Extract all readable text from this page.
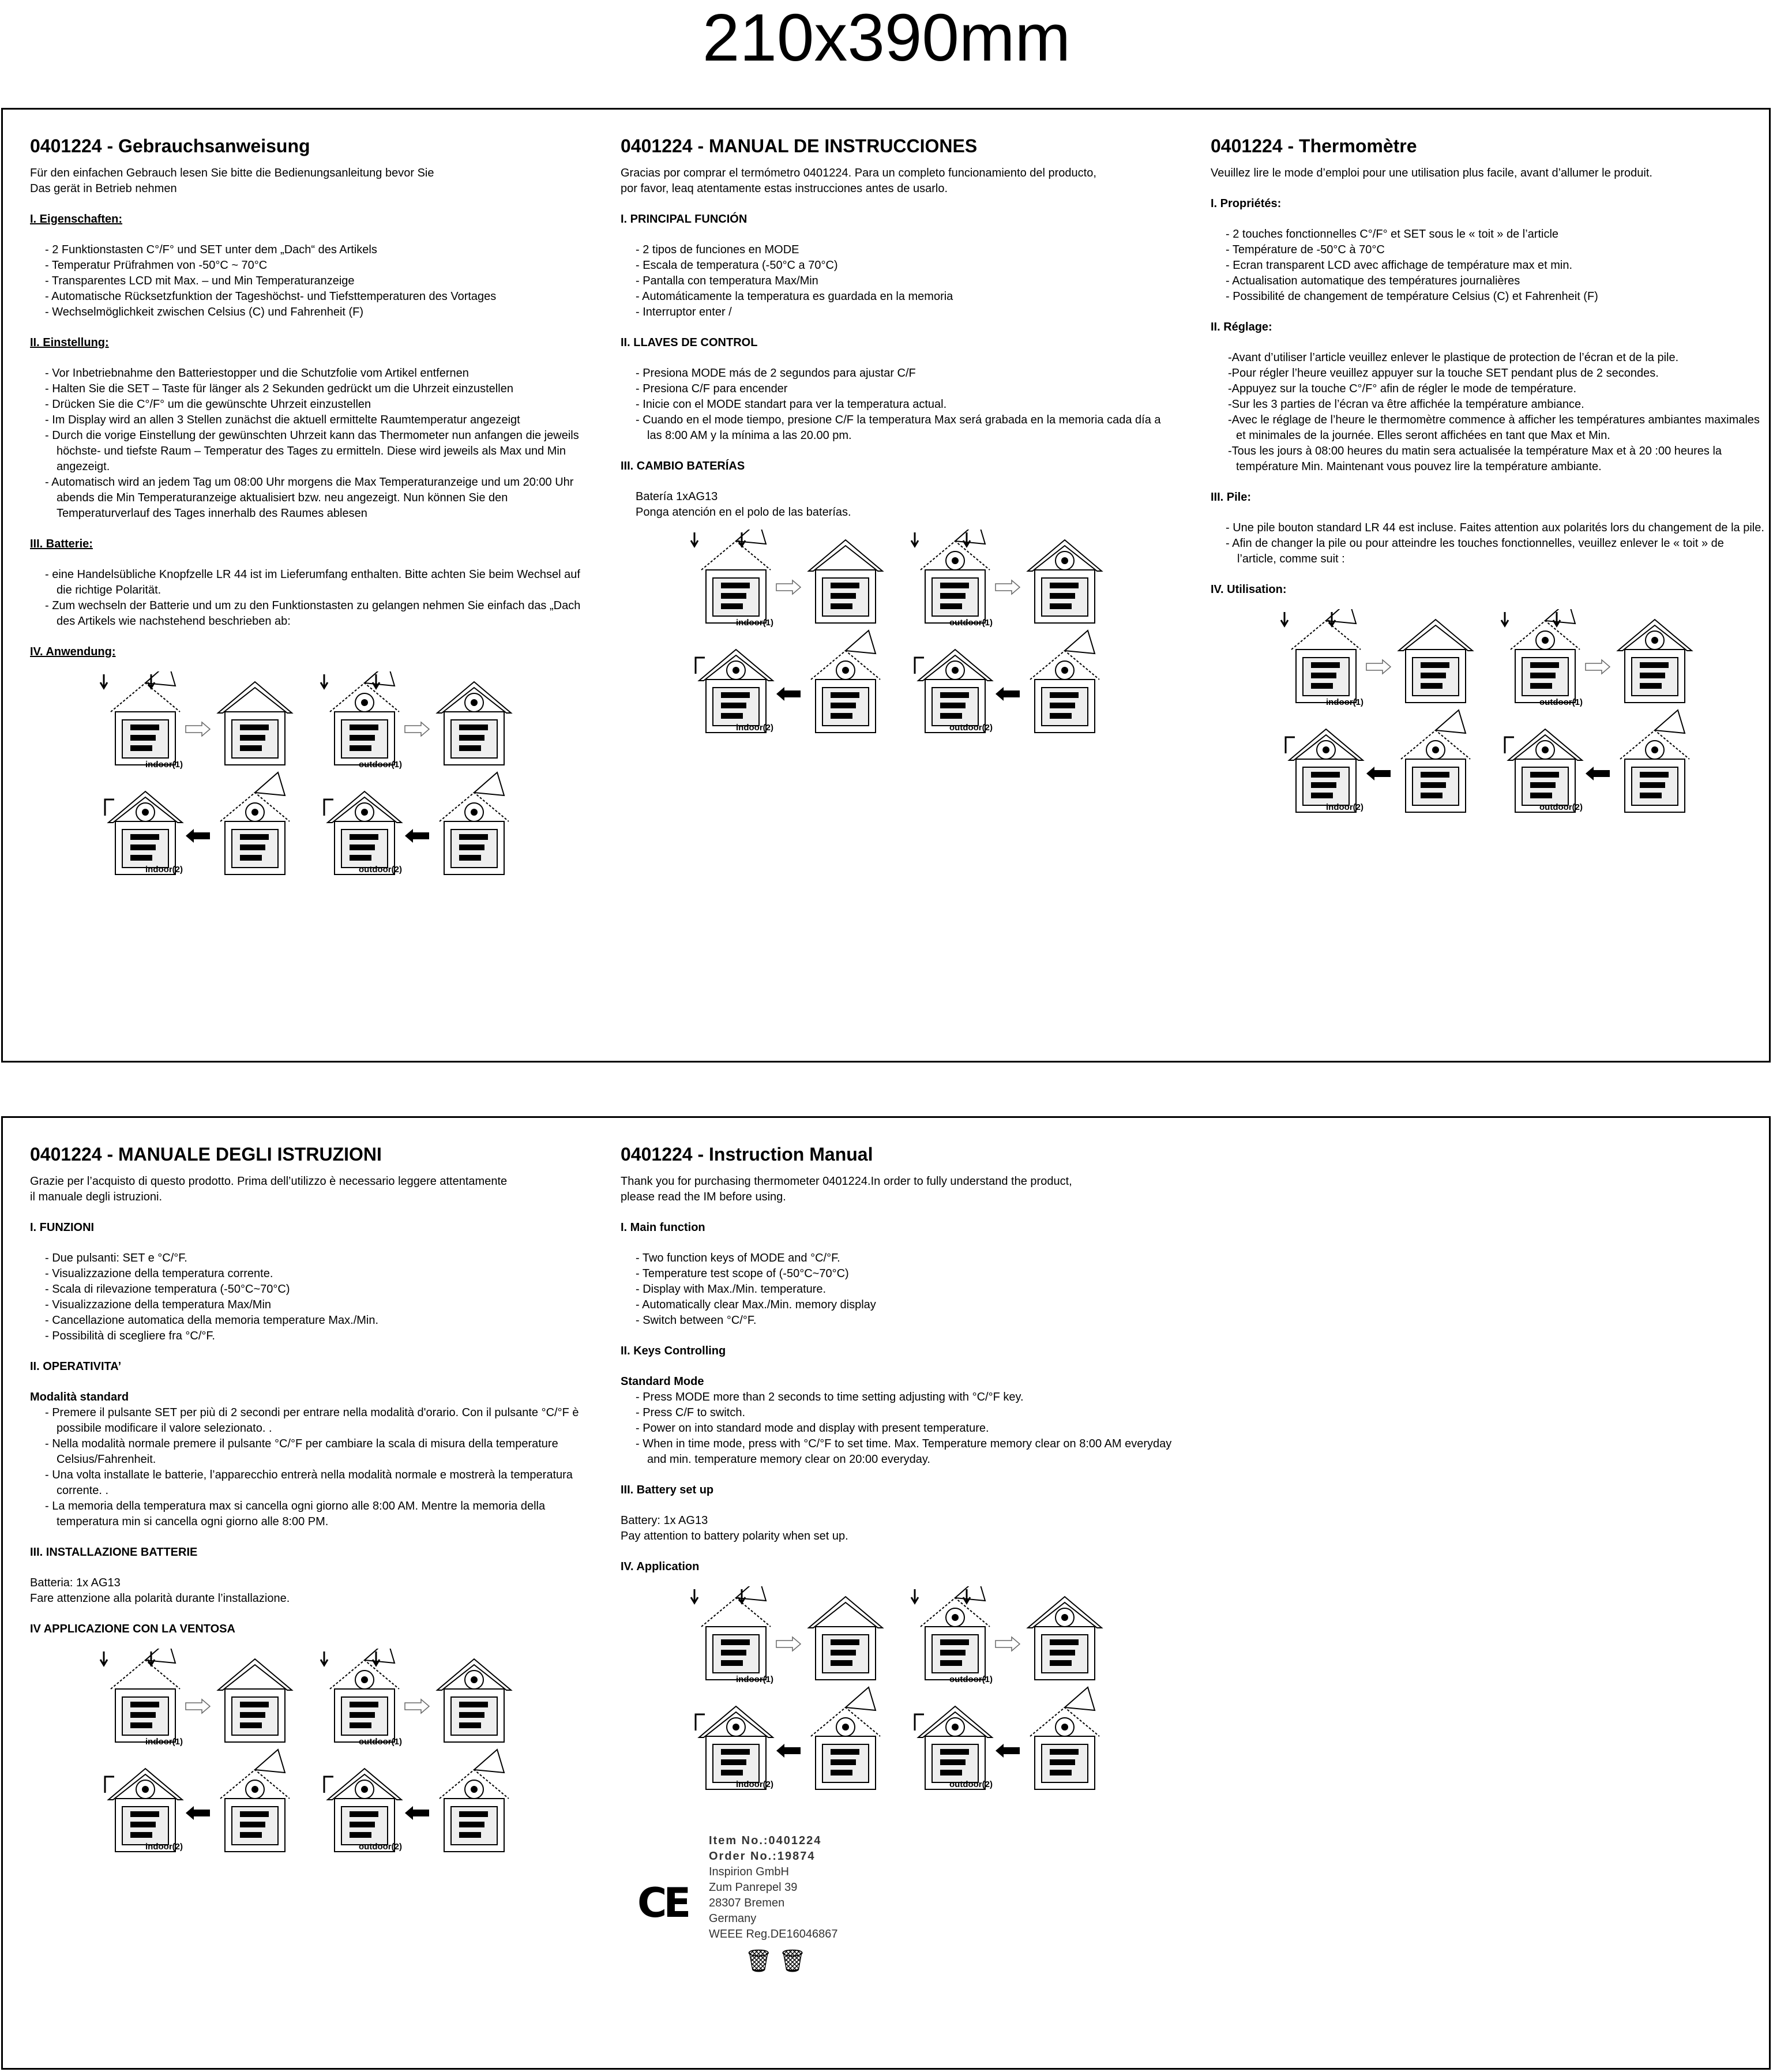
210x390mm
0401224 - Gebrauchsanweisung
Für den einfachen Gebrauch lesen Sie bitte die Bedienungsanleitung bevor Sie
Das gerät in Betrieb nehmen
I. Eigenschaften:
- 2 Funktionstasten C°/F° und SET unter dem „Dach“ des Artikels
- Temperatur Prüfrahmen von -50°C ~ 70°C
- Transparentes LCD mit Max. – und Min Temperaturanzeige
- Automatische Rücksetzfunktion der Tageshöchst- und Tiefsttemperaturen des Vortages
- Wechselmöglichkeit zwischen Celsius (C) und Fahrenheit (F)
II. Einstellung:
- Vor Inbetriebnahme den Batteriestopper und die Schutzfolie vom Artikel entfernen
- Halten Sie die SET – Taste für länger als 2 Sekunden gedrückt um die Uhrzeit einzustellen
- Drücken Sie die C°/F° um die gewünschte Uhrzeit einzustellen
- Im Display wird an allen 3 Stellen zunächst die aktuell ermittelte Raumtemperatur angezeigt
- Durch die vorige Einstellung der gewünschten Uhrzeit kann das Thermometer nun anfangen die jeweils höchste- und tiefste Raum – Temperatur des Tages zu ermitteln. Diese wird jeweils als Max und Min angezeigt.
- Automatisch wird an jedem Tag um 08:00 Uhr morgens die Max Temperaturanzeige und um 20:00 Uhr abends die Min Temperaturanzeige aktualisiert bzw. neu angezeigt. Nun können Sie den Temperaturverlauf des Tages innerhalb des Raumes ablesen
III. Batterie:
- eine Handelsübliche Knopfzelle LR 44 ist im Lieferumfang enthalten. Bitte achten Sie beim Wechsel auf die richtige Polarität.
- Zum wechseln der Batterie und um zu den Funktionstasten zu gelangen nehmen Sie einfach das „Dach des Artikels wie nachstehend beschrieben ab:
IV. Anwendung:
indoor(1)	outdoor(1)
indoor(2)	outdoor(2)
0401224 - MANUAL DE INSTRUCCIONES
Gracias por comprar el termómetro 0401224. Para un completo funcionamiento del producto,
por favor, leaq atentamente estas instrucciones antes de usarlo.
I. PRINCIPAL FUNCIÓN
- 2 tipos de funciones en MODE
- Escala de temperatura (-50°C a 70°C)
- Pantalla con temperatura Max/Min
- Automáticamente la temperatura es guardada en la memoria
- Interruptor enter /
II. LLAVES DE CONTROL
- Presiona MODE más de 2 segundos para ajustar C/F
- Presiona C/F para encender
- Inicie con el MODE standart para ver la temperatura actual.
- Cuando en el mode tiempo, presione C/F la temperatura Max será grabada en la memoria cada día a las 8:00 AM y la mínima a las 20.00 pm.
III. CAMBIO BATERÍAS
Batería 1xAG13
Ponga atención en el polo de las baterías.
indoor(1)	outdoor(1)
indoor(2)	outdoor(2)
0401224 - Thermomètre
Veuillez lire le mode d’emploi pour une utilisation plus facile, avant d’allumer le produit.
I. Propriétés:
- 2 touches fonctionnelles C°/F° et SET sous le « toit » de l’article
- Température de -50°C à 70°C
- Ecran transparent LCD avec affichage de température max et min.
- Actualisation automatique des températures journalières
- Possibilité de changement de température Celsius (C) et Fahrenheit (F)
II. Réglage:
-Avant d’utiliser l’article veuillez enlever le plastique de protection de l’écran et de la pile.
-Pour régler l’heure veuillez appuyer sur la touche SET pendant plus de 2 secondes.
-Appuyez sur la touche C°/F° afin de régler le mode de température.
-Sur les 3 parties de l’écran va être affichée la température ambiance.
-Avec le réglage de l’heure le thermomètre commence à afficher les températures ambiantes maximales et minimales de la journée. Elles seront affichées en tant que Max et Min.
-Tous les jours à 08:00 heures du matin sera actualisée la température Max et à 20 :00 heures la température Min. Maintenant vous pouvez lire la température ambiante.
III. Pile:
- Une pile bouton standard LR 44 est incluse. Faites attention aux polarités lors du changement de la pile.
- Afin de changer la pile ou pour atteindre les touches fonctionnelles, veuillez enlever le « toit » de l’article, comme suit :
IV. Utilisation:
indoor(1)	outdoor(1)
indoor(2)	outdoor(2)
0401224 - MANUALE DEGLI ISTRUZIONI
Grazie per l’acquisto di questo prodotto. Prima dell’utilizzo è necessario leggere attentamente
il manuale degli istruzioni.
I. FUNZIONI
- Due pulsanti: SET e °C/°F.
- Visualizzazione della temperatura corrente.
- Scala di rilevazione temperatura (-50°C~70°C)
- Visualizzazione della temperatura Max/Min
- Cancellazione automatica della memoria temperature Max./Min.
- Possibilità di scegliere fra °C/°F.
II. OPERATIVITA’
Modalità standard
- Premere il pulsante SET per più di 2 secondi per entrare nella modalità d'orario. Con il pulsante °C/°F è possibile modificare il valore selezionato. .
- Nella modalità normale premere il pulsante °C/°F per cambiare la scala di misura della temperature Celsius/Fahrenheit.
- Una volta installate le batterie, l’apparecchio entrerà nella modalità normale e mostrerà la temperatura corrente. .
- La memoria della temperatura max si cancella ogni giorno alle 8:00 AM. Mentre la memoria della temperatura min si cancella ogni giorno alle 8:00 PM.
III. INSTALLAZIONE BATTERIE
Batteria: 1x AG13
Fare attenzione alla polarità durante l’installazione.
IV APPLICAZIONE CON LA VENTOSA
indoor(1)	outdoor(1)
indoor(2)	outdoor(2)
0401224 - Instruction Manual
Thank you for purchasing thermometer 0401224.In order to fully understand the product,
please read the IM before using.
I. Main function
- Two function keys of MODE and °C/°F.
- Temperature test scope of (-50°C~70°C)
- Display with Max./Min. temperature.
- Automatically clear Max./Min. memory display
- Switch between °C/°F.
II. Keys Controlling
Standard Mode
- Press MODE more than 2 seconds to time setting adjusting with °C/°F key.
- Press C/F to switch.
- Power on into standard mode and display with present temperature.
- When in time mode, press with °C/°F to set time. Max. Temperature memory clear on 8:00 AM everyday and min. temperature memory clear on 20:00 everyday.
III. Battery set up
Battery: 1x AG13
Pay attention to battery polarity when set up.
IV. Application
indoor(1)	outdoor(1)
indoor(2)	outdoor(2)
Item No.:0401224
Order No.:19874
Inspirion GmbH
Zum Panrepel 39
28307 Bremen
Germany
WEEE Reg.DE16046867
CE
🗑 🗑
